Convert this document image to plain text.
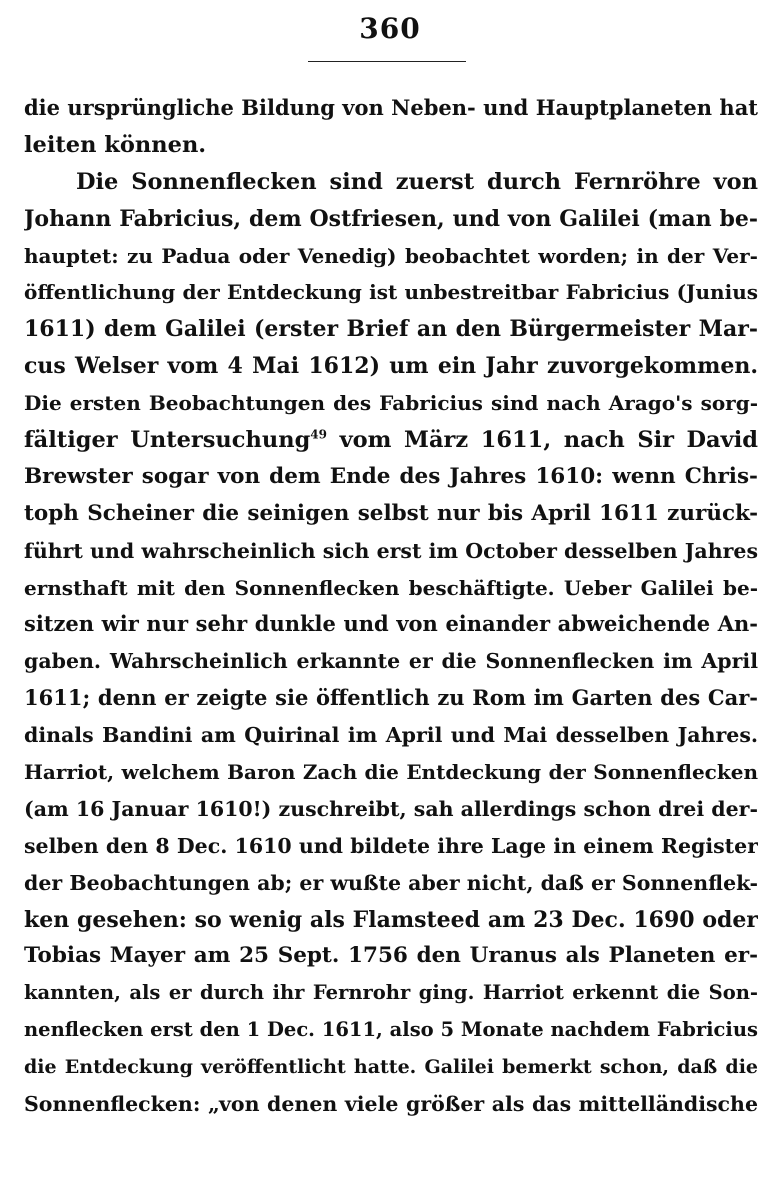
360
die ursprüngliche Bildung von Neben- und Hauptplaneten hat
leiten können.
Die Sonnenflecken sind zuerst durch Fernröhre von
Johann Fabricius, dem Ostfriesen, und von Galilei (man be-
hauptet: zu Padua oder Venedig) beobachtet worden; in der Ver-
öffentlichung der Entdeckung ist unbestreitbar Fabricius (Junius
1611) dem Galilei (erster Brief an den Bürgermeister Mar-
cus Welser vom 4 Mai 1612) um ein Jahr zuvorgekommen.
Die ersten Beobachtungen des Fabricius sind nach Arago's sorg-
fältiger Untersuchung$^{49}$ vom März 1611, nach Sir David
Brewster sogar von dem Ende des Jahres 1610: wenn Chris-
toph Scheiner die seinigen selbst nur bis April 1611 zurück-
führt und wahrscheinlich sich erst im October desselben Jahres
ernsthaft mit den Sonnenflecken beschäftigte. Ueber Galilei be-
sitzen wir nur sehr dunkle und von einander abweichende An-
gaben. Wahrscheinlich erkannte er die Sonnenflecken im April
1611; denn er zeigte sie öffentlich zu Rom im Garten des Car-
dinals Bandini am Quirinal im April und Mai desselben Jahres.
Harriot, welchem Baron Zach die Entdeckung der Sonnenflecken
(am 16 Januar 1610!) zuschreibt, sah allerdings schon drei der-
selben den 8 Dec. 1610 und bildete ihre Lage in einem Register
der Beobachtungen ab; er wußte aber nicht, daß er Sonnenflek-
ken gesehen: so wenig als Flamsteed am 23 Dec. 1690 oder
Tobias Mayer am 25 Sept. 1756 den Uranus als Planeten er-
kannten, als er durch ihr Fernrohr ging. Harriot erkennt die Son-
nenflecken erst den 1 Dec. 1611, also 5 Monate nachdem Fabricius
die Entdeckung veröffentlicht hatte. Galilei bemerkt schon, daß die
Sonnenflecken: „von denen viele größer als das mittelländische
